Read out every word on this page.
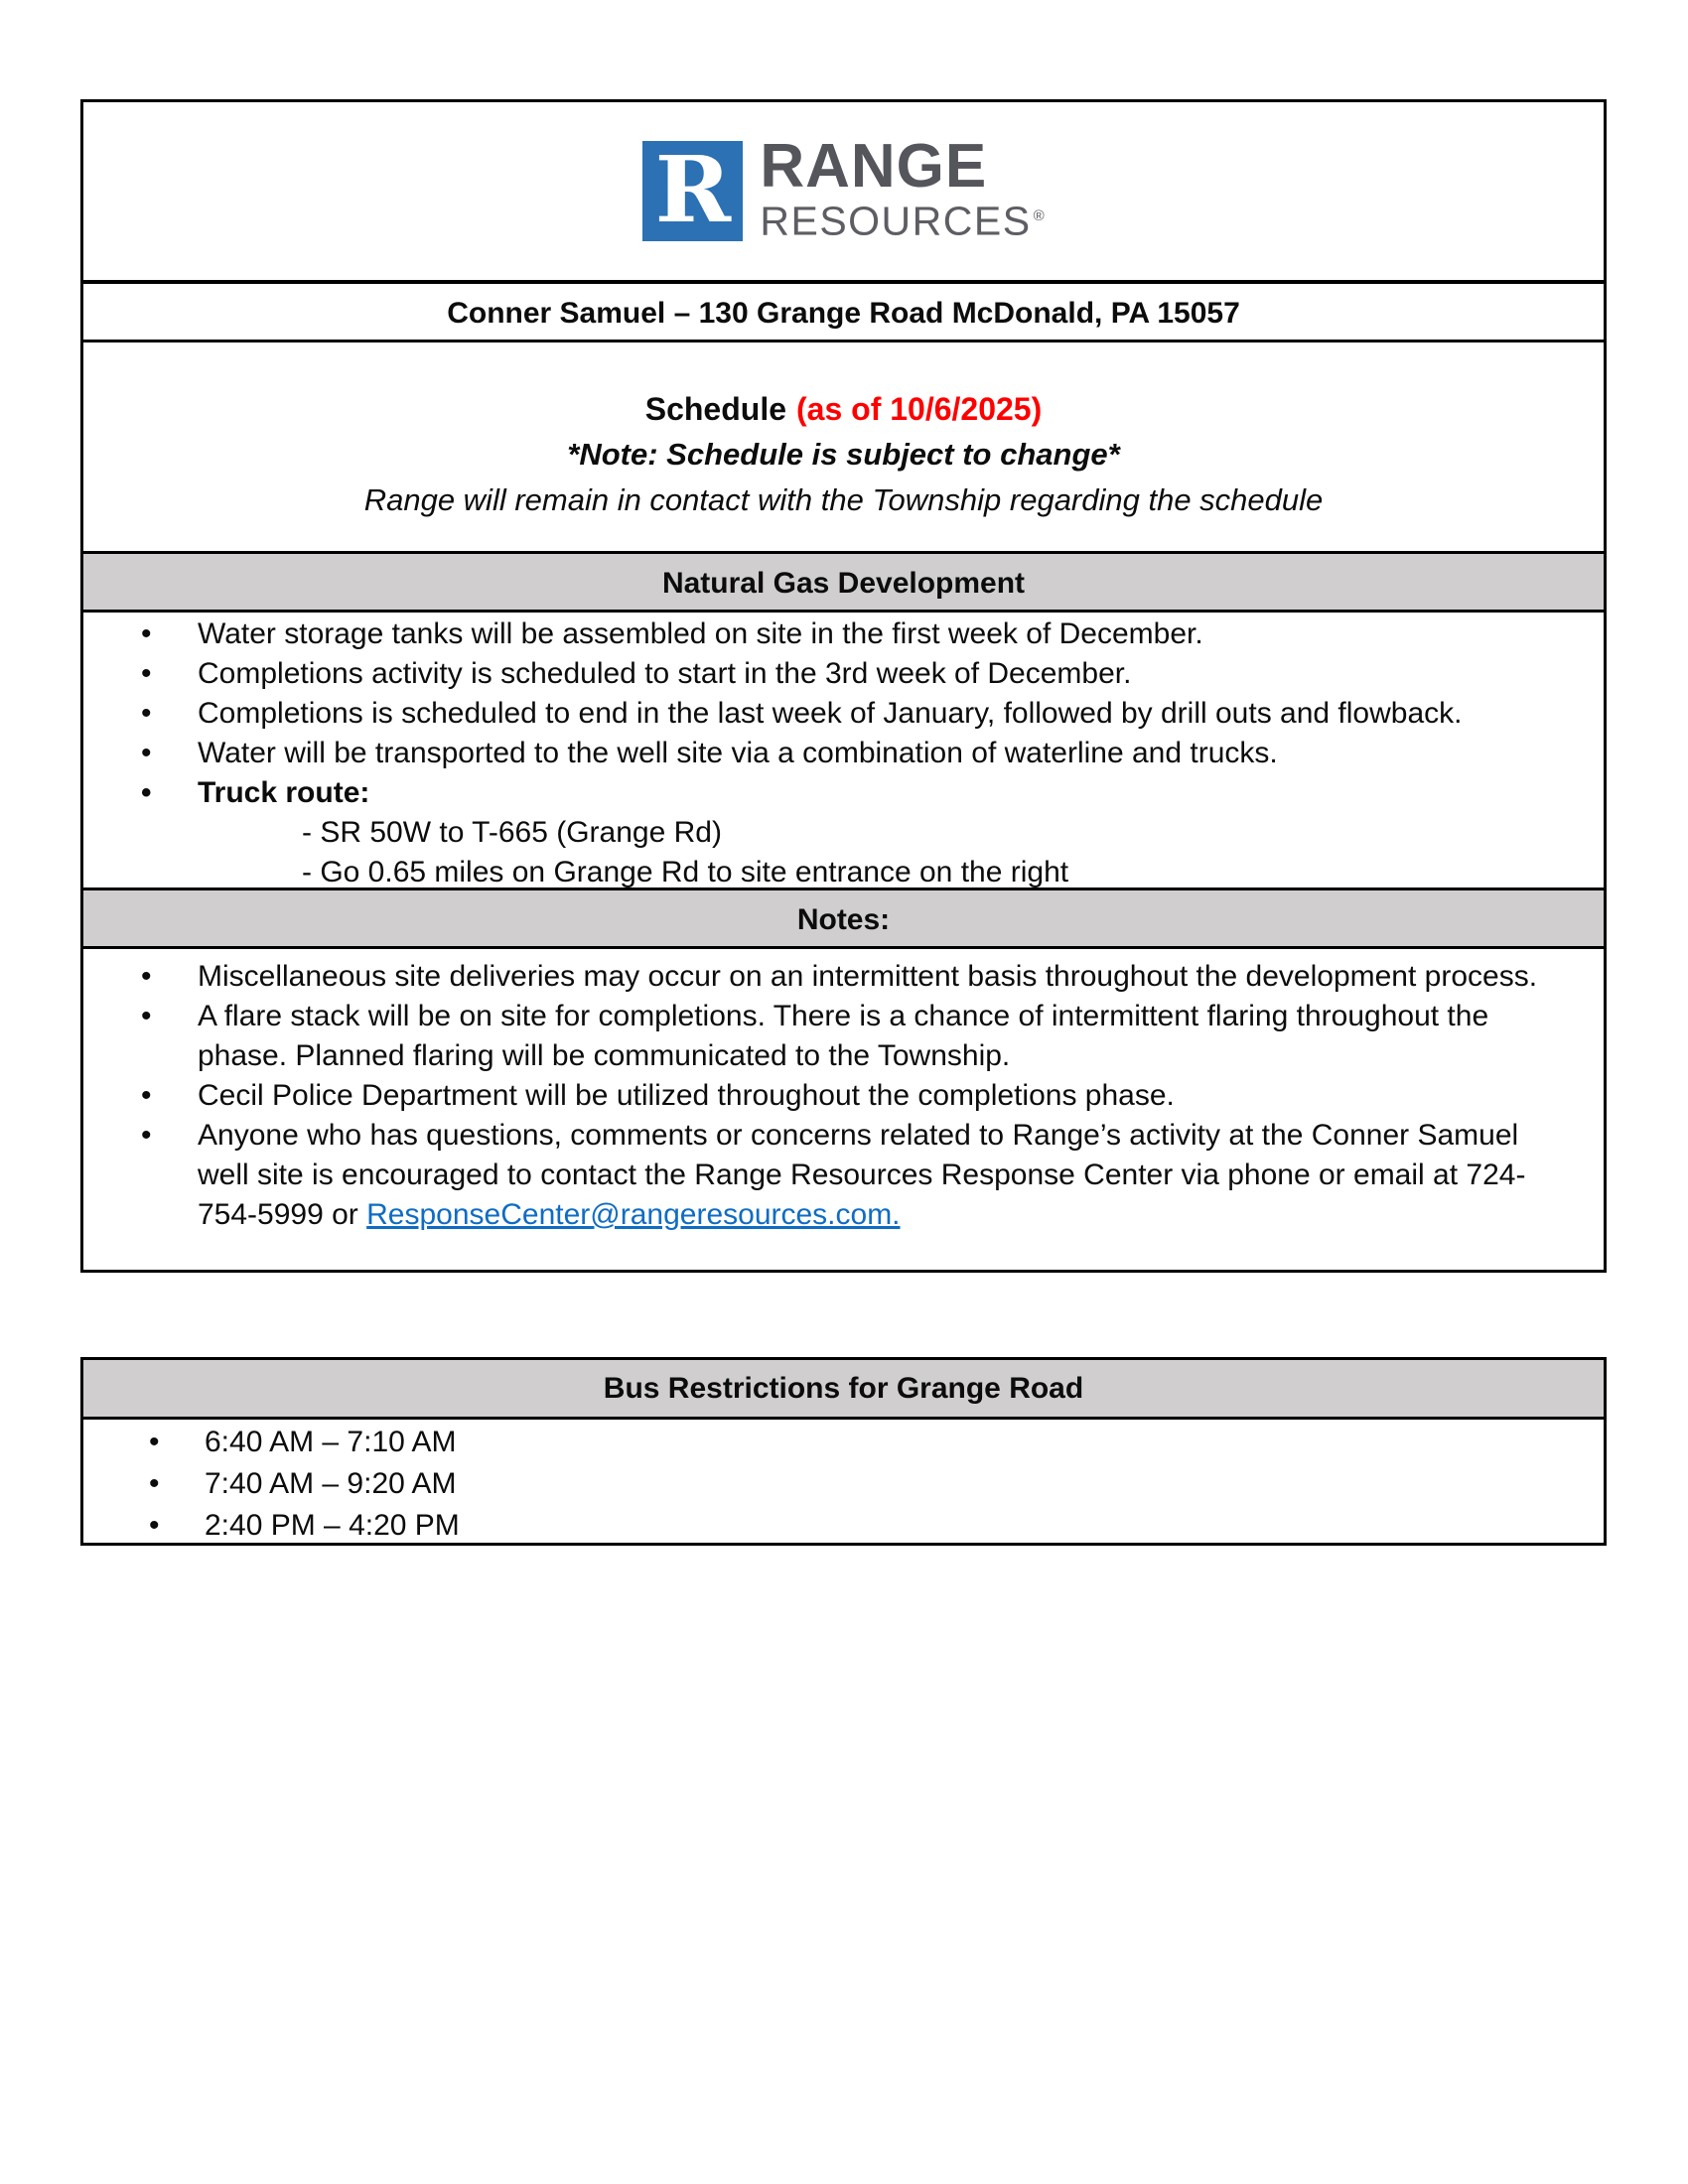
R RANGE
RESOURCES ®
Conner Samuel – 130 Grange Road McDonald, PA 15057
Schedule (as of 10/6/2025)
*Note: Schedule is subject to change*
Range will remain in contact with the Township regarding the schedule
Natural Gas Development
• Water storage tanks will be assembled on site in the first week of December.
• Completions activity is scheduled to start in the 3rd week of December.
• Completions is scheduled to end in the last week of January, followed by drill outs and flowback.
• Water will be transported to the well site via a combination of waterline and trucks.
• Truck route:
- SR 50W to T-665 (Grange Rd)
- Go 0.65 miles on Grange Rd to site entrance on the right
Notes:
• Miscellaneous site deliveries may occur on an intermittent basis throughout the development process.
• A flare stack will be on site for completions. There is a chance of intermittent flaring throughout the phase. Planned flaring will be communicated to the Township.
• Cecil Police Department will be utilized throughout the completions phase.
• Anyone who has questions, comments or concerns related to Range’s activity at the Conner Samuel well site is encouraged to contact the Range Resources Response Center via phone or email at 724-754-5999 or ResponseCenter@rangeresources.com.
Bus Restrictions for Grange Road
• 6:40 AM – 7:10 AM
• 7:40 AM – 9:20 AM
• 2:40 PM – 4:20 PM
